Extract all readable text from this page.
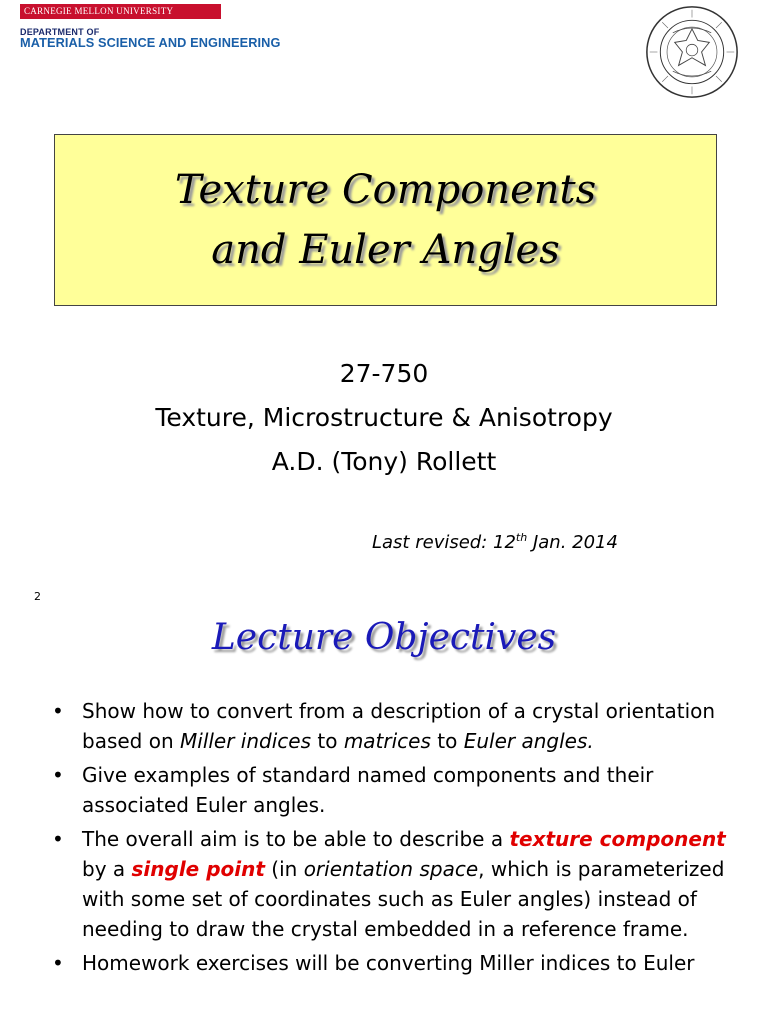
CARNEGIE MELLON UNIVERSITY
DEPARTMENT OF
MATERIALS SCIENCE AND ENGINEERING
Texture Components
and Euler Angles
27-750
Texture, Microstructure & Anisotropy
A.D. (Tony) Rollett
Last revised: 12th Jan. 2014
2
Lecture Objectives
• Show how to convert from a description of a crystal orientation based on Miller indices to matrices to Euler angles.
• Give examples of standard named components and their associated Euler angles.
• The overall aim is to be able to describe a texture component by a single point (in orientation space, which is parameterized with some set of coordinates such as Euler angles) instead of needing to draw the crystal embedded in a reference frame.
• Homework exercises will be converting Miller indices to Euler
